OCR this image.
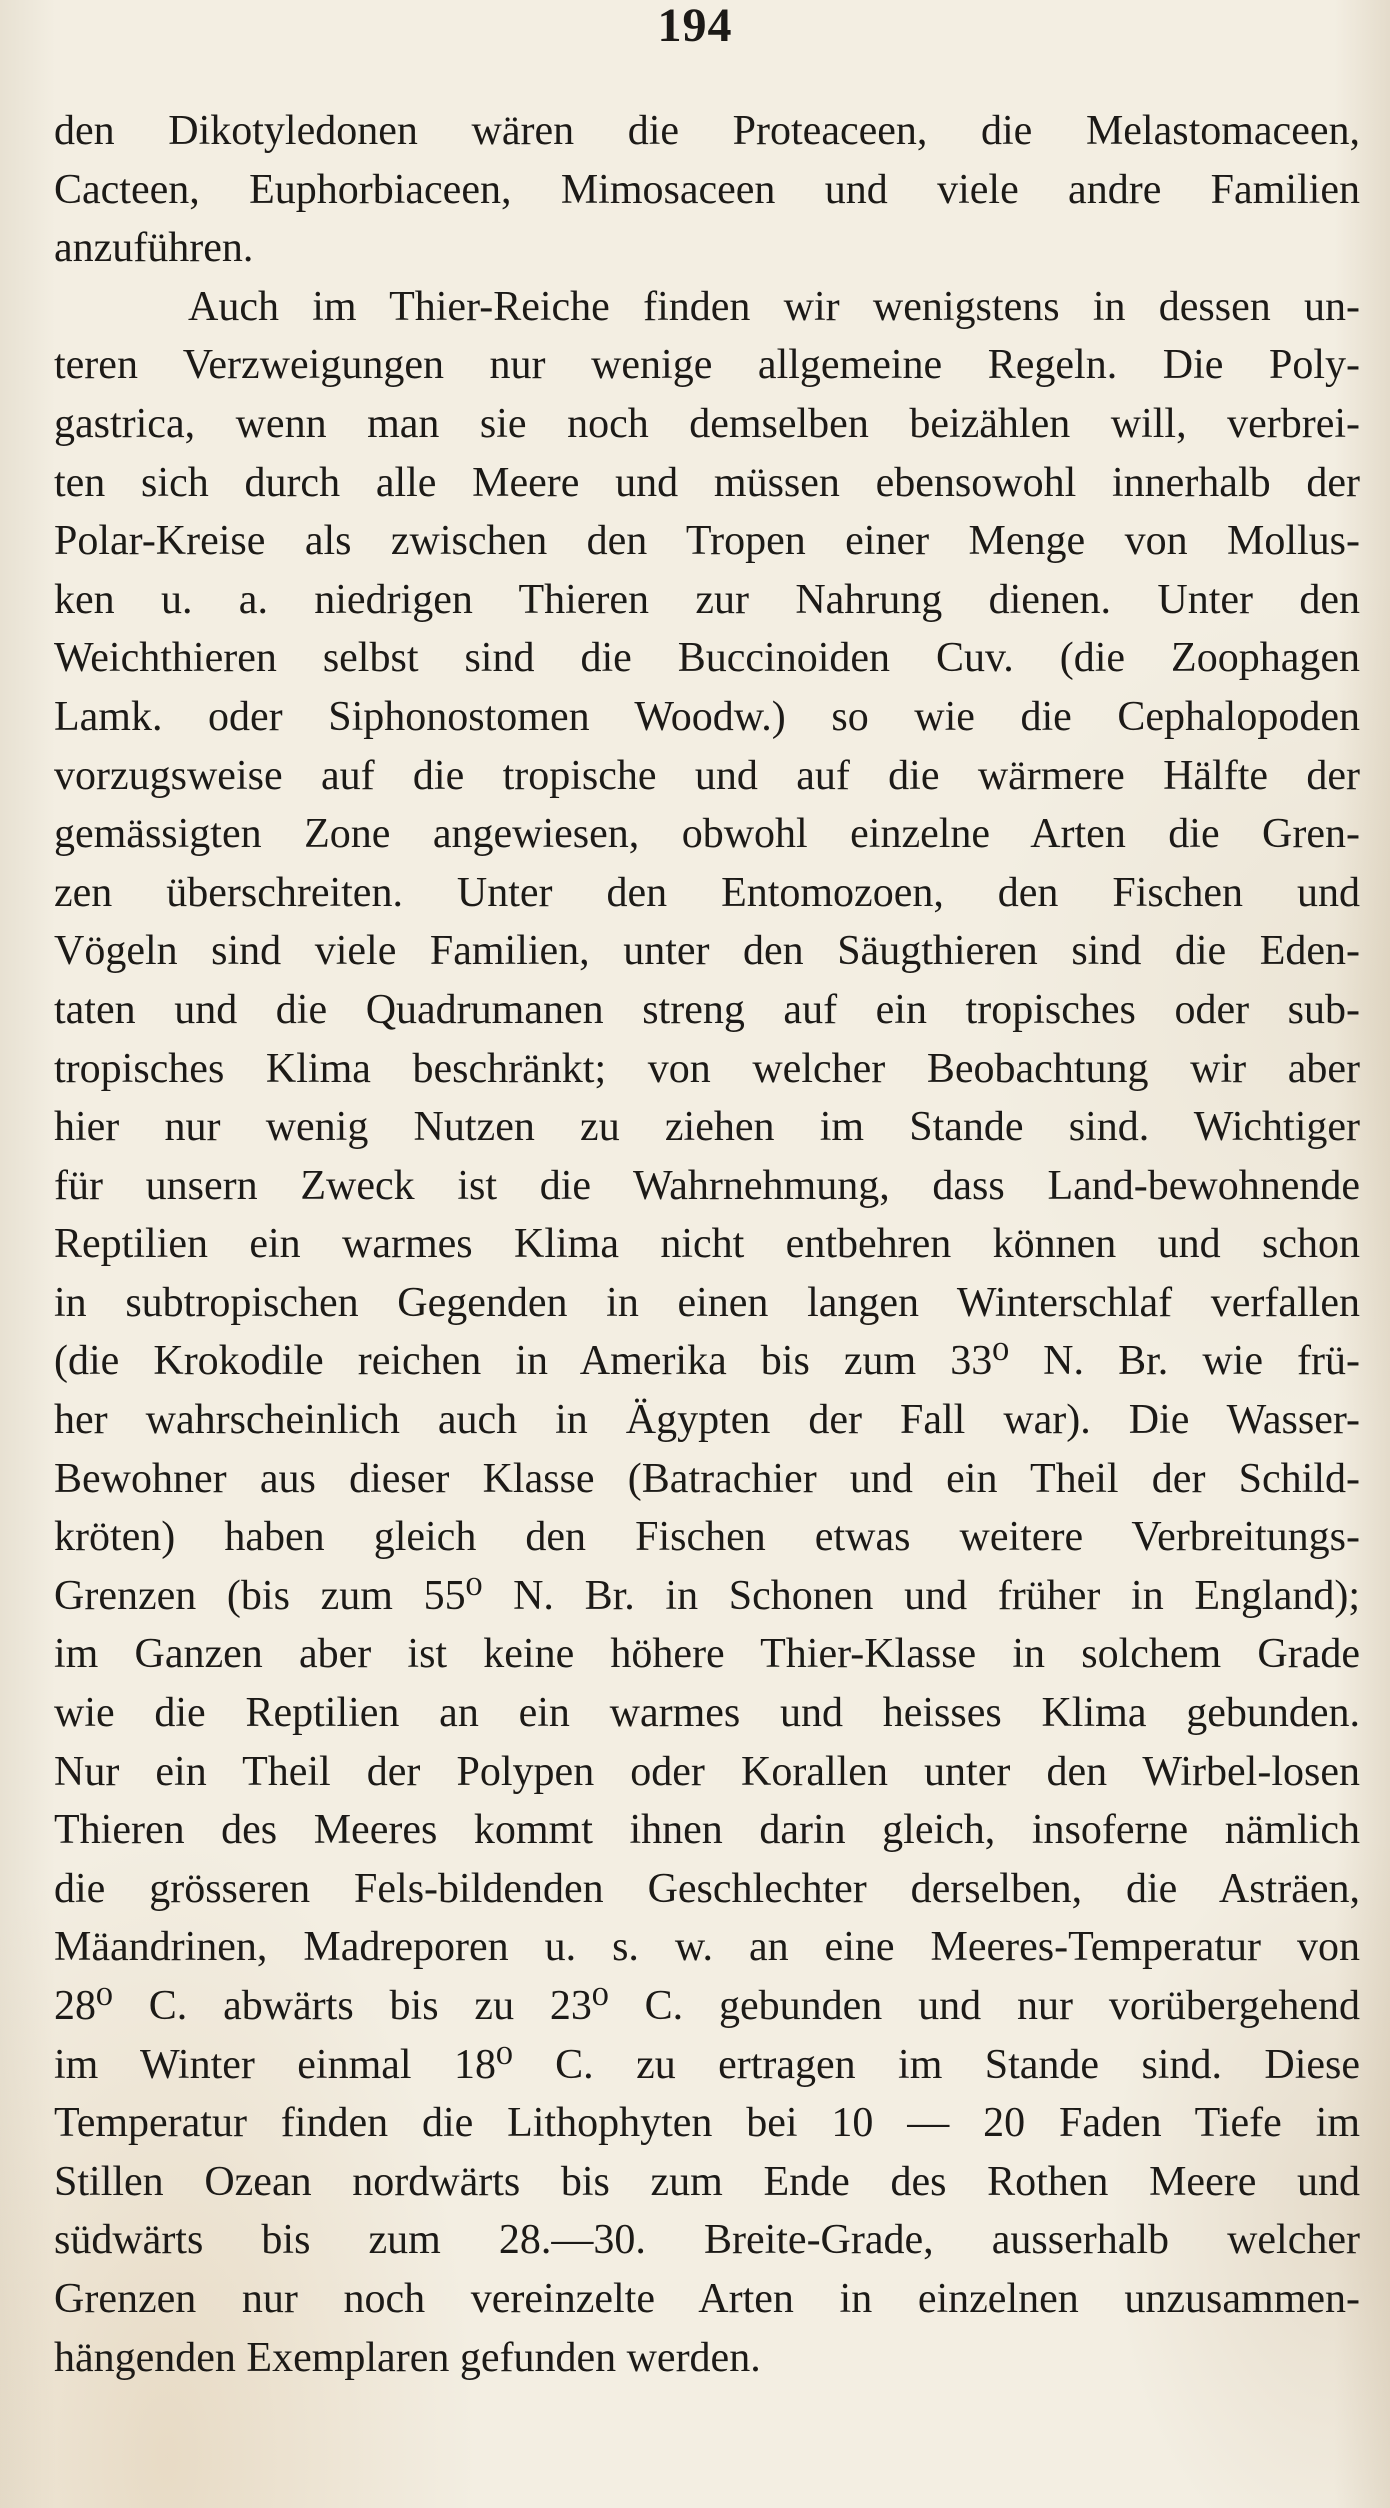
194
den Dikotyledonen wären die Proteaceen, die Melastomaceen,
Cacteen, Euphorbiaceen, Mimosaceen und viele andre Familien
anzuführen.
Auch im Thier-Reiche finden wir wenigstens in dessen un-
teren Verzweigungen nur wenige allgemeine Regeln. Die Poly-
gastrica, wenn man sie noch demselben beizählen will, verbrei-
ten sich durch alle Meere und müssen ebensowohl innerhalb der
Polar-Kreise als zwischen den Tropen einer Menge von Mollus-
ken u. a. niedrigen Thieren zur Nahrung dienen. Unter den
Weichthieren selbst sind die Buccinoiden Cuv. (die Zoophagen
Lamk. oder Siphonostomen Woodw.) so wie die Cephalopoden
vorzugsweise auf die tropische und auf die wärmere Hälfte der
gemässigten Zone angewiesen, obwohl einzelne Arten die Gren-
zen überschreiten. Unter den Entomozoen, den Fischen und
Vögeln sind viele Familien, unter den Säugthieren sind die Eden-
taten und die Quadrumanen streng auf ein tropisches oder sub-
tropisches Klima beschränkt; von welcher Beobachtung wir aber
hier nur wenig Nutzen zu ziehen im Stande sind. Wichtiger
für unsern Zweck ist die Wahrnehmung, dass Land-bewohnende
Reptilien ein warmes Klima nicht entbehren können und schon
in subtropischen Gegenden in einen langen Winterschlaf verfallen
(die Krokodile reichen in Amerika bis zum 33⁰ N. Br. wie frü-
her wahrscheinlich auch in Ägypten der Fall war). Die Wasser-
Bewohner aus dieser Klasse (Batrachier und ein Theil der Schild-
kröten) haben gleich den Fischen etwas weitere Verbreitungs-
Grenzen (bis zum 55⁰ N. Br. in Schonen und früher in England);
im Ganzen aber ist keine höhere Thier-Klasse in solchem Grade
wie die Reptilien an ein warmes und heisses Klima gebunden.
Nur ein Theil der Polypen oder Korallen unter den Wirbel-losen
Thieren des Meeres kommt ihnen darin gleich, insoferne nämlich
die grösseren Fels-bildenden Geschlechter derselben, die Asträen,
Mäandrinen, Madreporen u. s. w. an eine Meeres-Temperatur von
28⁰ C. abwärts bis zu 23⁰ C. gebunden und nur vorübergehend
im Winter einmal 18⁰ C. zu ertragen im Stande sind. Diese
Temperatur finden die Lithophyten bei 10 — 20 Faden Tiefe im
Stillen Ozean nordwärts bis zum Ende des Rothen Meere und
südwärts bis zum 28.—30. Breite-Grade, ausserhalb welcher
Grenzen nur noch vereinzelte Arten in einzelnen unzusammen-
hängenden Exemplaren gefunden werden.
